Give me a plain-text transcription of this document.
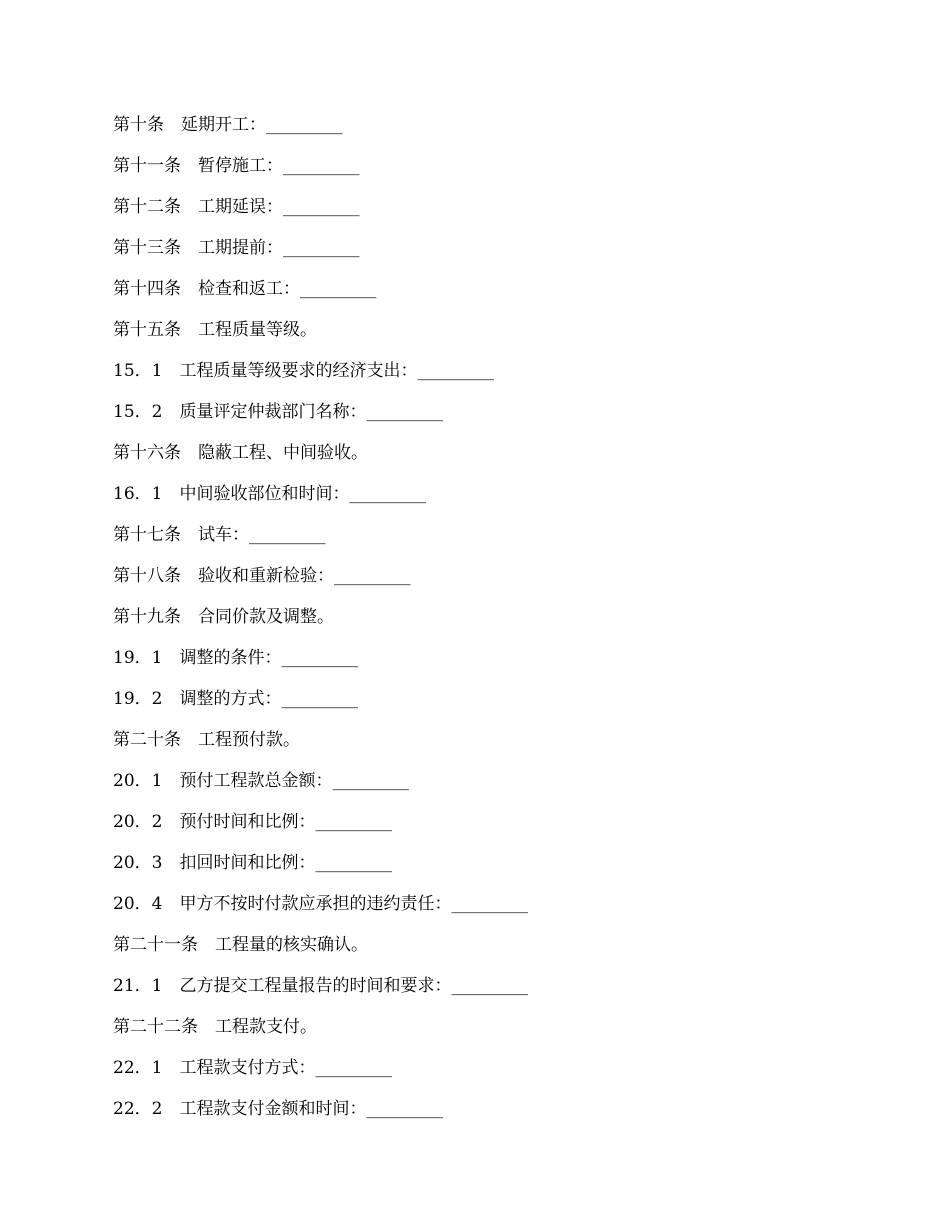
第十条　延期开工：_________
第十一条　暂停施工：_________
第十二条　工期延误：_________
第十三条　工期提前：_________
第十四条　检查和返工：_________
第十五条　工程质量等级。
15．1　工程质量等级要求的经济支出：_________
15．2　质量评定仲裁部门名称：_________
第十六条　隐蔽工程、中间验收。
16．1　中间验收部位和时间：_________
第十七条　试车：_________
第十八条　验收和重新检验：_________
第十九条　合同价款及调整。
19．1　调整的条件：_________
19．2　调整的方式：_________
第二十条　工程预付款。
20．1　预付工程款总金额：_________
20．2　预付时间和比例：_________
20．3　扣回时间和比例：_________
20．4　甲方不按时付款应承担的违约责任：_________
第二十一条　工程量的核实确认。
21．1　乙方提交工程量报告的时间和要求：_________
第二十二条　工程款支付。
22．1　工程款支付方式：_________
22．2　工程款支付金额和时间：_________
